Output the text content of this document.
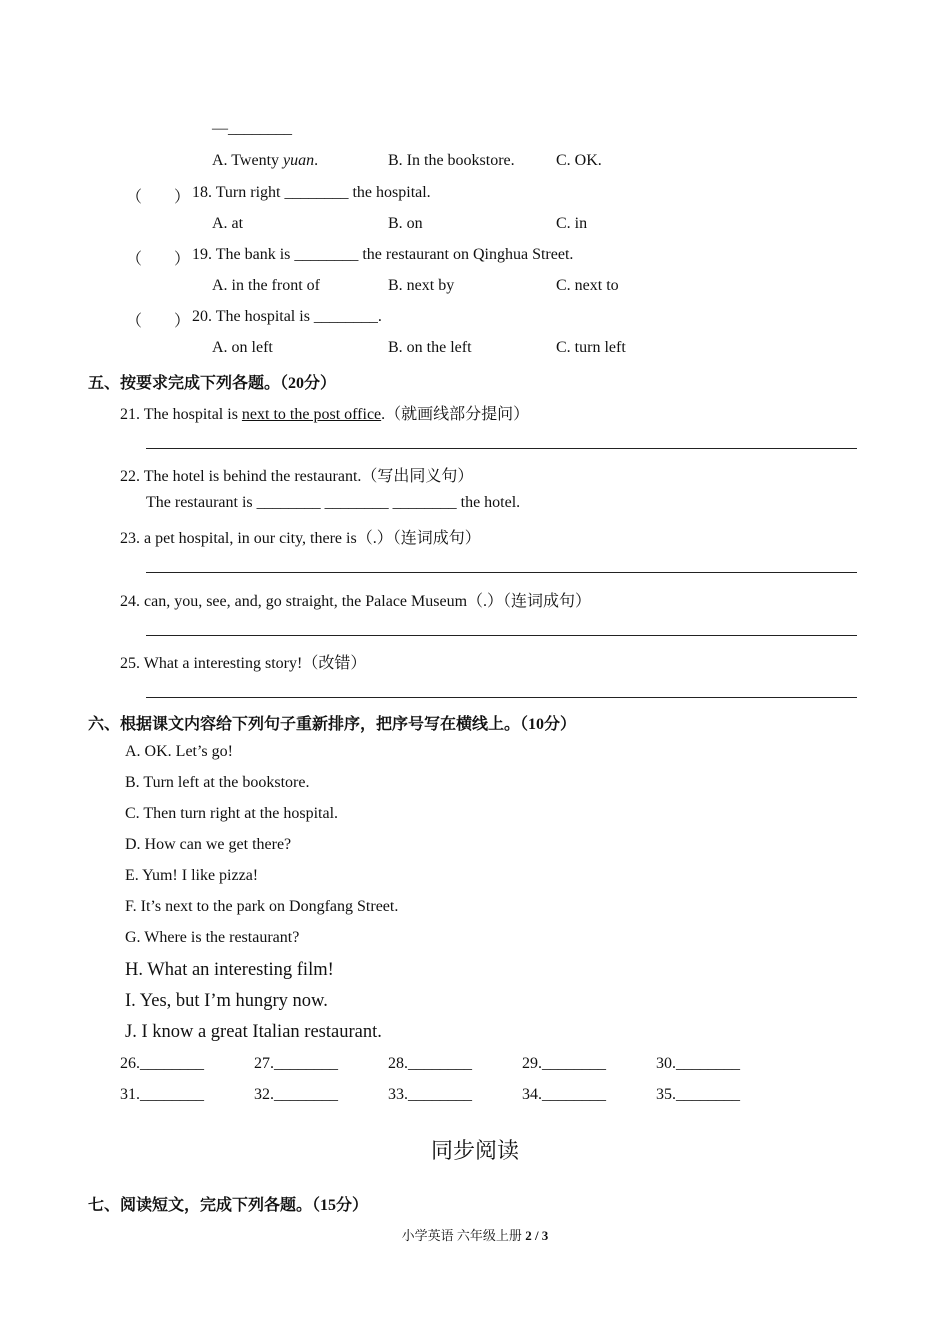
—________
A. Twenty yuan.	B. In the bookstore.	C. OK.
（　　） 18. Turn right ________ the hospital.
A. at	B. on	C. in
（　　） 19. The bank is ________ the restaurant on Qinghua Street.
A. in the front of	B. next by	C. next to
（　　） 20. The hospital is ________.
A. on left	B. on the left	C. turn left
五、按要求完成下列各题。（20分）
21. The hospital is next to the post office.（就画线部分提问）
22. The hotel is behind the restaurant.（写出同义句）
The restaurant is ________ ________ ________ the hotel.
23. a pet hospital, in our city, there is（.）（连词成句）
24. can, you, see, and, go straight, the Palace Museum（.）（连词成句）
25. What a interesting story!（改错）
六、根据课文内容给下列句子重新排序，把序号写在横线上。（10分）
A. OK. Let’s go!
B. Turn left at the bookstore.
C. Then turn right at the hospital.
D. How can we get there?
E. Yum! I like pizza!
F. It’s next to the park on Dongfang Street.
G. Where is the restaurant?
H. What an interesting film!
I. Yes, but I’m hungry now.
J. I know a great Italian restaurant.
26.________	27.________	28.________	29.________	30.________
31.________	32.________	33.________	34.________	35.________
同步阅读
七、阅读短文，完成下列各题。（15分）
小学英语 六年级上册 2 / 3
